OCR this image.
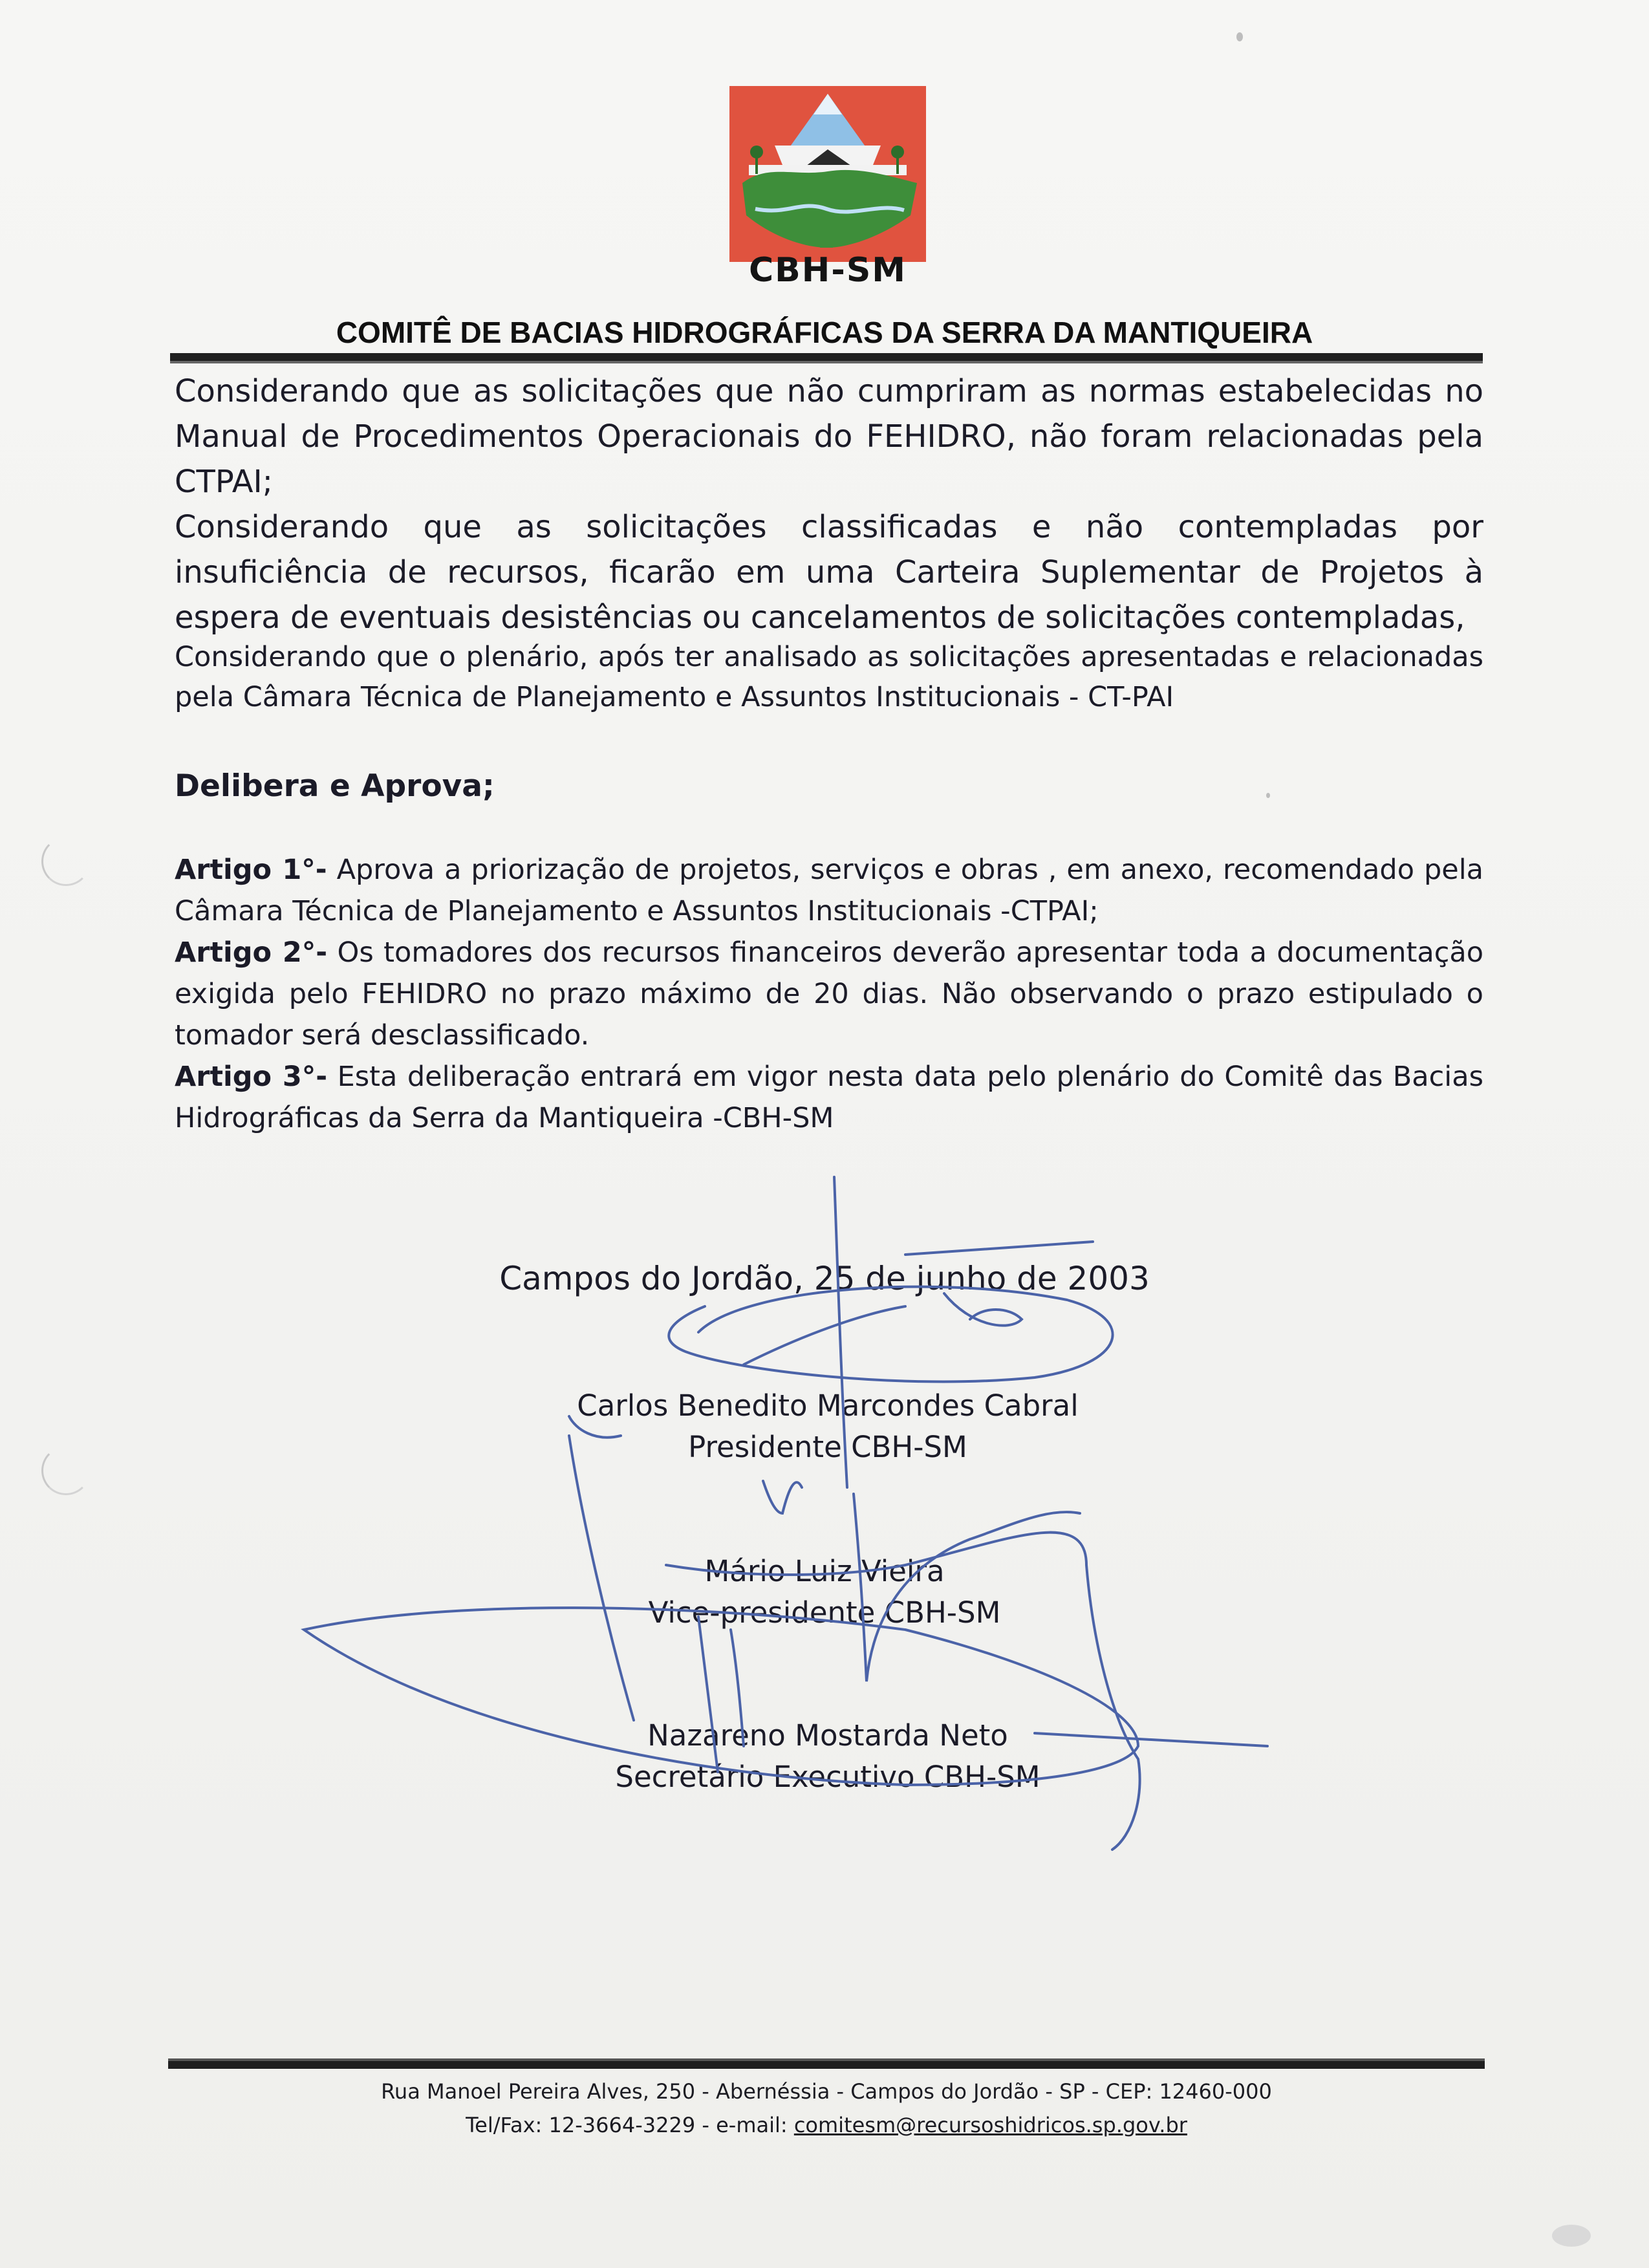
CBH-SM
COMITÊ DE BACIAS HIDROGRÁFICAS DA SERRA DA MANTIQUEIRA
Considerando que as solicitações que não cumpriram as normas estabelecidas no Manual de Procedimentos Operacionais do FEHIDRO, não foram relacionadas pela CTPAI;
Considerando que as solicitações classificadas e não contempladas por insuficiência de recursos, ficarão em uma Carteira Suplementar de Projetos à espera de eventuais desistências ou cancelamentos de solicitações contempladas,
Considerando que o plenário, após ter analisado as solicitações apresentadas e relacionadas pela Câmara Técnica de Planejamento e Assuntos Institucionais - CT-PAI
Delibera e Aprova;

Artigo 1°- Aprova a priorização de projetos, serviços e obras , em anexo, recomendado pela Câmara Técnica de Planejamento e Assuntos Institucionais -CTPAI;

Artigo 2°- Os tomadores dos recursos financeiros deverão apresentar toda a documentação exigida pelo FEHIDRO no prazo máximo de 20 dias. Não observando o prazo estipulado o tomador será desclassificado.

Artigo 3°- Esta deliberação entrará em vigor nesta data pelo plenário do Comitê das Bacias Hidrográficas da Serra da Mantiqueira -CBH-SM

Campos do Jordão, 25 de junho de 2003
Carlos Benedito Marcondes Cabral
Presidente CBH-SM
Mário Luiz Vieira
Vice-presidente CBH-SM
Nazareno Mostarda Neto
Secretário Executivo CBH-SM
Rua Manoel Pereira Alves, 250 - Abernéssia - Campos do Jordão - SP - CEP: 12460-000
Tel/Fax: 12-3664-3229 - e-mail: comitesm@recursoshidricos.sp.gov.br
